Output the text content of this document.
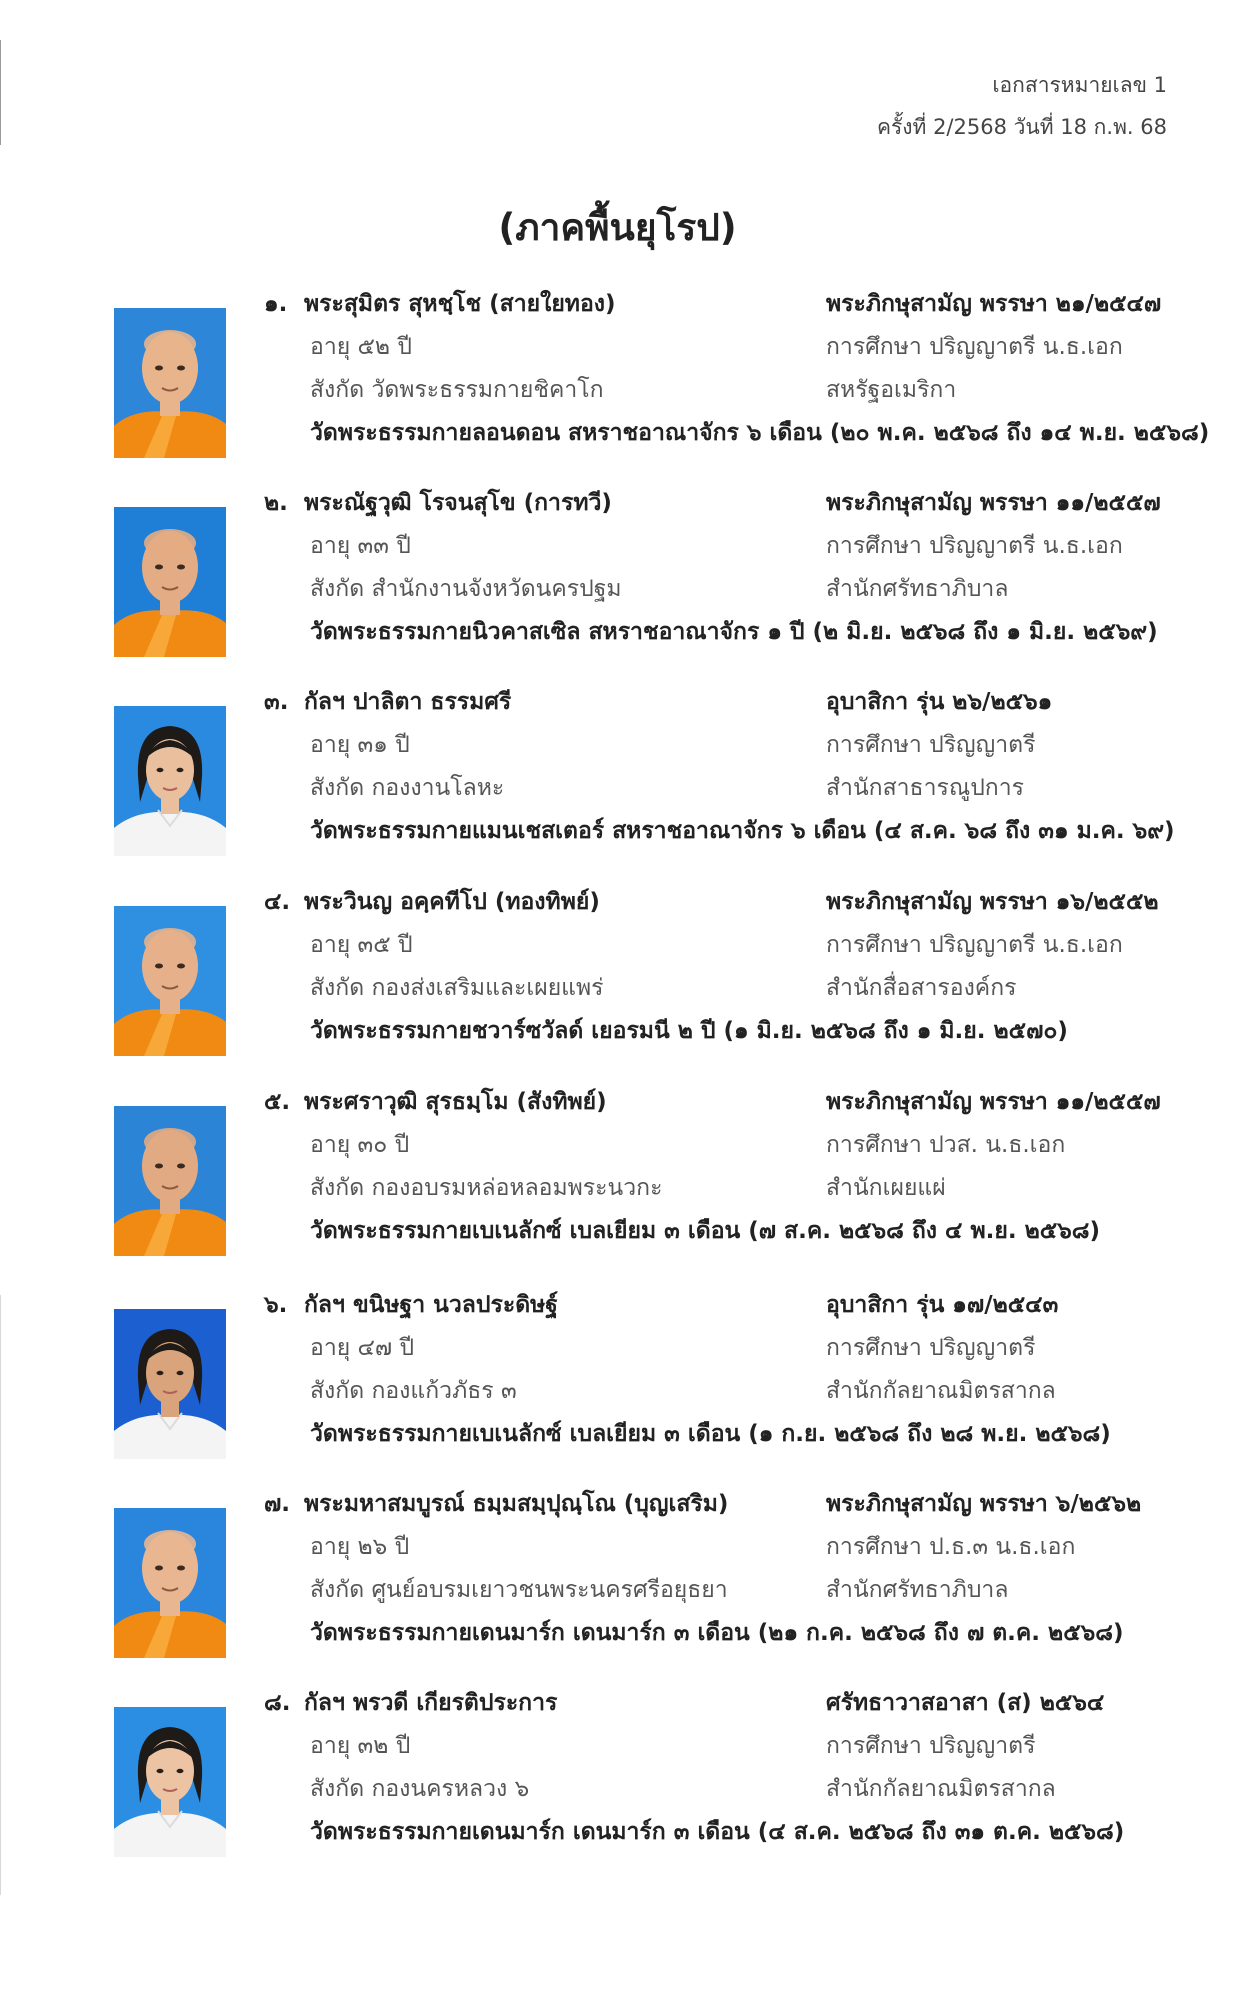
เอกสารหมายเลข 1
ครั้งที่ 2/2568 วันที่ 18 ก.พ. 68
(ภาคพื้นยุโรป)
๑. พระสุมิตร สุหชฺโช (สายใยทอง)
อายุ ๕๒ ปี
สังกัด วัดพระธรรมกายชิคาโก
พระภิกษุสามัญ พรรษา ๒๑/๒๕๔๗
การศึกษา ปริญญาตรี น.ธ.เอก
สหรัฐอเมริกา
วัดพระธรรมกายลอนดอน สหราชอาณาจักร ๖ เดือน (๒๐ พ.ค. ๒๕๖๘ ถึง ๑๔ พ.ย. ๒๕๖๘)
๒. พระณัฐวุฒิ โรจนสุโข (การทวี)
อายุ ๓๓ ปี
สังกัด สำนักงานจังหวัดนครปฐม
พระภิกษุสามัญ พรรษา ๑๑/๒๕๕๗
การศึกษา ปริญญาตรี น.ธ.เอก
สำนักศรัทธาภิบาล
วัดพระธรรมกายนิวคาสเซิล สหราชอาณาจักร ๑ ปี (๒ มิ.ย. ๒๕๖๘ ถึง ๑ มิ.ย. ๒๕๖๙)
๓. กัลฯ ปาลิตา ธรรมศรี
อายุ ๓๑ ปี
สังกัด กองงานโลหะ
อุบาสิกา รุ่น ๒๖/๒๕๖๑
การศึกษา ปริญญาตรี
สำนักสาธารณูปการ
วัดพระธรรมกายแมนเชสเตอร์ สหราชอาณาจักร ๖ เดือน (๔ ส.ค. ๖๘ ถึง ๓๑ ม.ค. ๖๙)
๔. พระวินญ อคฺคทีโป (ทองทิพย์)
อายุ ๓๕ ปี
สังกัด กองส่งเสริมและเผยแพร่
พระภิกษุสามัญ พรรษา ๑๖/๒๕๕๒
การศึกษา ปริญญาตรี น.ธ.เอก
สำนักสื่อสารองค์กร
วัดพระธรรมกายชวาร์ซวัลด์ เยอรมนี ๒ ปี (๑ มิ.ย. ๒๕๖๘ ถึง ๑ มิ.ย. ๒๕๗๐)
๕. พระศราวุฒิ สุรธมฺโม (สังทิพย์)
อายุ ๓๐ ปี
สังกัด กองอบรมหล่อหลอมพระนวกะ
พระภิกษุสามัญ พรรษา ๑๑/๒๕๕๗
การศึกษา ปวส. น.ธ.เอก
สำนักเผยแผ่
วัดพระธรรมกายเบเนลักซ์ เบลเยียม ๓ เดือน (๗ ส.ค. ๒๕๖๘ ถึง ๔ พ.ย. ๒๕๖๘)
๖. กัลฯ ขนิษฐา นวลประดิษฐ์
อายุ ๔๗ ปี
สังกัด กองแก้วภัธร ๓
อุบาสิกา รุ่น ๑๗/๒๕๔๓
การศึกษา ปริญญาตรี
สำนักกัลยาณมิตรสากล
วัดพระธรรมกายเบเนลักซ์ เบลเยียม ๓ เดือน (๑ ก.ย. ๒๕๖๘ ถึง ๒๘ พ.ย. ๒๕๖๘)
๗. พระมหาสมบูรณ์ ธมฺมสมฺปุณฺโณ (บุญเสริม)
อายุ ๒๖ ปี
สังกัด ศูนย์อบรมเยาวชนพระนครศรีอยุธยา
พระภิกษุสามัญ พรรษา ๖/๒๕๖๒
การศึกษา ป.ธ.๓ น.ธ.เอก
สำนักศรัทธาภิบาล
วัดพระธรรมกายเดนมาร์ก เดนมาร์ก ๓ เดือน (๒๑ ก.ค. ๒๕๖๘ ถึง ๗ ต.ค. ๒๕๖๘)
๘. กัลฯ พรวดี เกียรติประการ
อายุ ๓๒ ปี
สังกัด กองนครหลวง ๖
ศรัทธาวาสอาสา (ส) ๒๕๖๔
การศึกษา ปริญญาตรี
สำนักกัลยาณมิตรสากล
วัดพระธรรมกายเดนมาร์ก เดนมาร์ก ๓ เดือน (๔ ส.ค. ๒๕๖๘ ถึง ๓๑ ต.ค. ๒๕๖๘)
